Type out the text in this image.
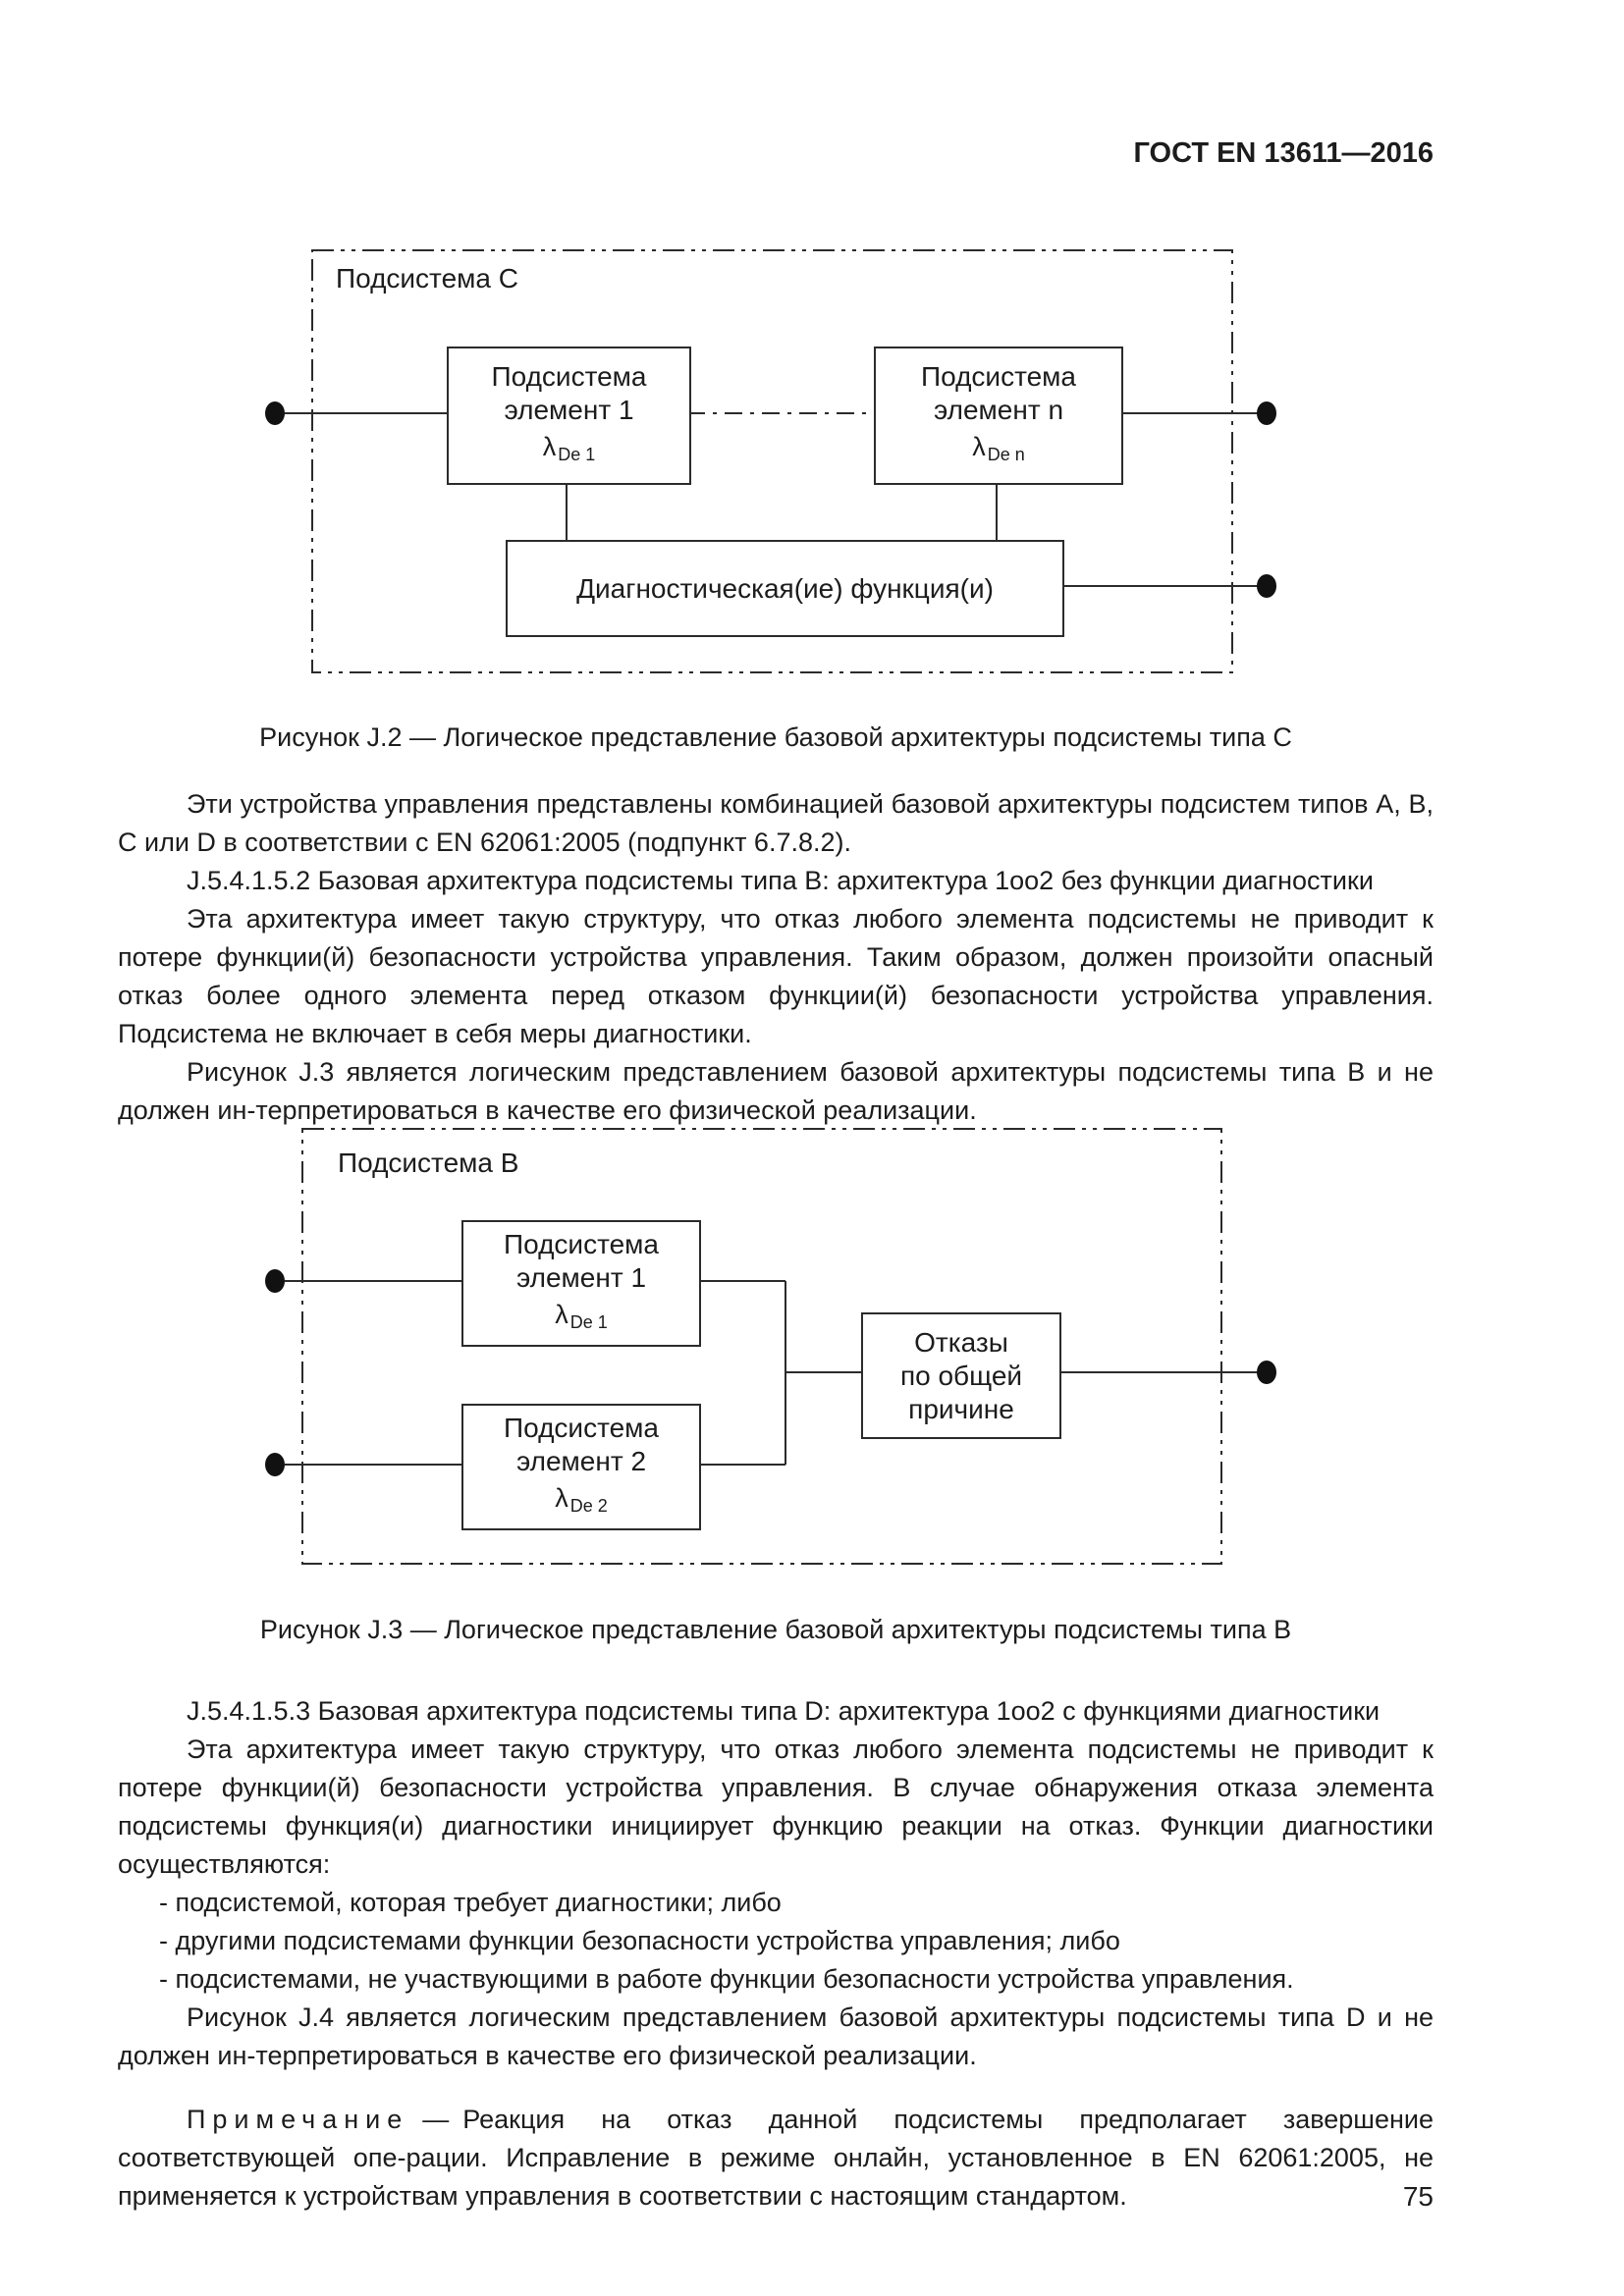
ГОСТ EN 13611—2016
Подсистема C
Подсистема
элемент 1
λ De 1
Подсистема
элемент n
λ De n
Диагностическая(ие) функция(и)
Рисунок J.2 — Логическое представление базовой архитектуры подсистемы типа C

Эти устройства управления представлены комбинацией базовой архитектуры подсистем типов A, B, C или D в соответствии с EN 62061:2005 (подпункт 6.7.8.2).

J.5.4.1.5.2 Базовая архитектура подсистемы типа B: архитектура 1oo2 без функции диагностики

Эта архитектура имеет такую структуру, что отказ любого элемента подсистемы не приводит к потере функции(й) безопасности устройства управления. Таким образом, должен произойти опасный отказ более одного элемента перед отказом функции(й) безопасности устройства управления. Подсистема не включает в себя меры диагностики.

Рисунок J.3 является логическим представлением базовой архитектуры подсистемы типа B и не должен ин-терпретироваться в качестве его физической реализации.

Подсистема B
Подсистема
элемент 1
λ De 1
Подсистема
элемент 2
λ De 2
Отказы
по общей
причине
Рисунок J.3 — Логическое представление базовой архитектуры подсистемы типа B

J.5.4.1.5.3 Базовая архитектура подсистемы типа D: архитектура 1oo2 с функциями диагностики

Эта архитектура имеет такую структуру, что отказ любого элемента подсистемы не приводит к потере функции(й) безопасности устройства управления. В случае обнаружения отказа элемента подсистемы функция(и) диагностики инициирует функцию реакции на отказ. Функции диагностики осуществляются:

- подсистемой, которая требует диагностики; либо

- другими подсистемами функции безопасности устройства управления; либо

- подсистемами, не участвующими в работе функции безопасности устройства управления.

Рисунок J.4 является логическим представлением базовой архитектуры подсистемы типа D и не должен ин-терпретироваться в качестве его физической реализации.

Примечание — Реакция на отказ данной подсистемы предполагает завершение соответствующей опе-рации. Исправление в режиме онлайн, установленное в EN 62061:2005, не применяется к устройствам управления в соответствии с настоящим стандартом.	75
